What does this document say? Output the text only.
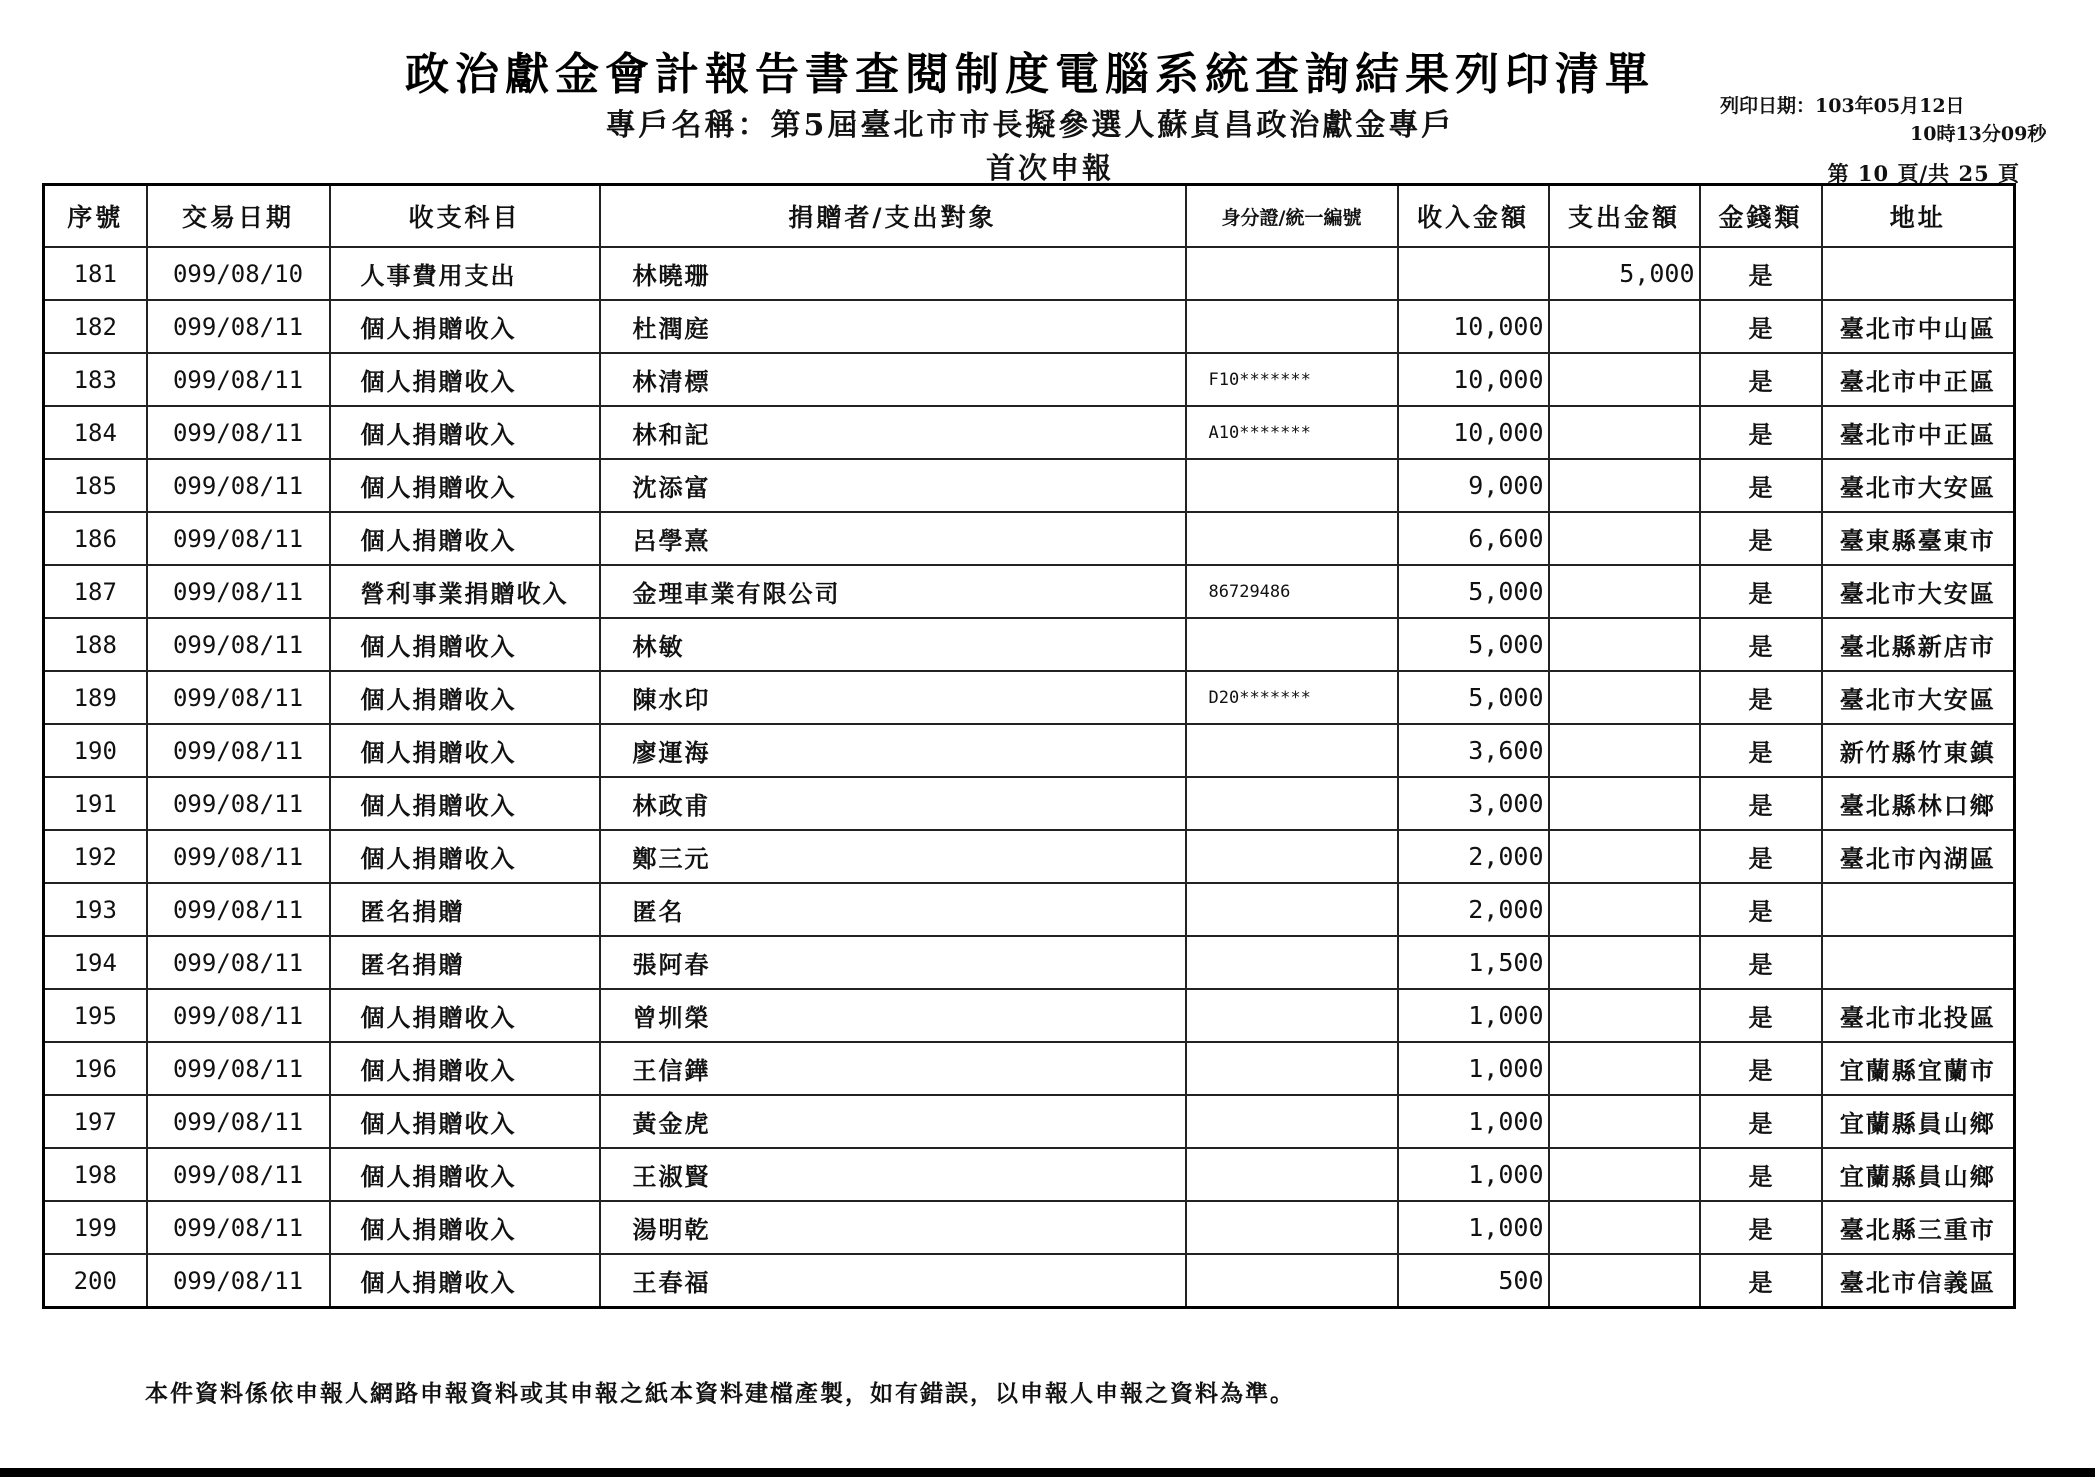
政治獻金會計報告書查閱制度電腦系統查詢結果列印清單
專戶名稱：第5屆臺北市市長擬參選人蘇貞昌政治獻金專戶
首次申報
列印日期：103年05月12日
10時13分09秒
第 10 頁/共 25 頁
序號	交易日期	收支科目	捐贈者/支出對象	身分證/統一編號	收入金額	支出金額	金錢類	地址
181	099/08/10	人事費用支出	林曉珊			5,000	是	
182	099/08/11	個人捐贈收入	杜潤庭		10,000		是	臺北市中山區
183	099/08/11	個人捐贈收入	林清標	F10*******	10,000		是	臺北市中正區
184	099/08/11	個人捐贈收入	林和記	A10*******	10,000		是	臺北市中正區
185	099/08/11	個人捐贈收入	沈添富		9,000		是	臺北市大安區
186	099/08/11	個人捐贈收入	呂學熹		6,600		是	臺東縣臺東市
187	099/08/11	營利事業捐贈收入	金理車業有限公司	86729486	5,000		是	臺北市大安區
188	099/08/11	個人捐贈收入	林敏		5,000		是	臺北縣新店市
189	099/08/11	個人捐贈收入	陳水印	D20*******	5,000		是	臺北市大安區
190	099/08/11	個人捐贈收入	廖運海		3,600		是	新竹縣竹東鎮
191	099/08/11	個人捐贈收入	林政甫		3,000		是	臺北縣林口鄉
192	099/08/11	個人捐贈收入	鄭三元		2,000		是	臺北市內湖區
193	099/08/11	匿名捐贈	匿名		2,000		是	
194	099/08/11	匿名捐贈	張阿春		1,500		是	
195	099/08/11	個人捐贈收入	曾圳榮		1,000		是	臺北市北投區
196	099/08/11	個人捐贈收入	王信鏵		1,000		是	宜蘭縣宜蘭市
197	099/08/11	個人捐贈收入	黃金虎		1,000		是	宜蘭縣員山鄉
198	099/08/11	個人捐贈收入	王淑賢		1,000		是	宜蘭縣員山鄉
199	099/08/11	個人捐贈收入	湯明乾		1,000		是	臺北縣三重市
200	099/08/11	個人捐贈收入	王春福		500		是	臺北市信義區
本件資料係依申報人網路申報資料或其申報之紙本資料建檔產製，如有錯誤，以申報人申報之資料為準。
